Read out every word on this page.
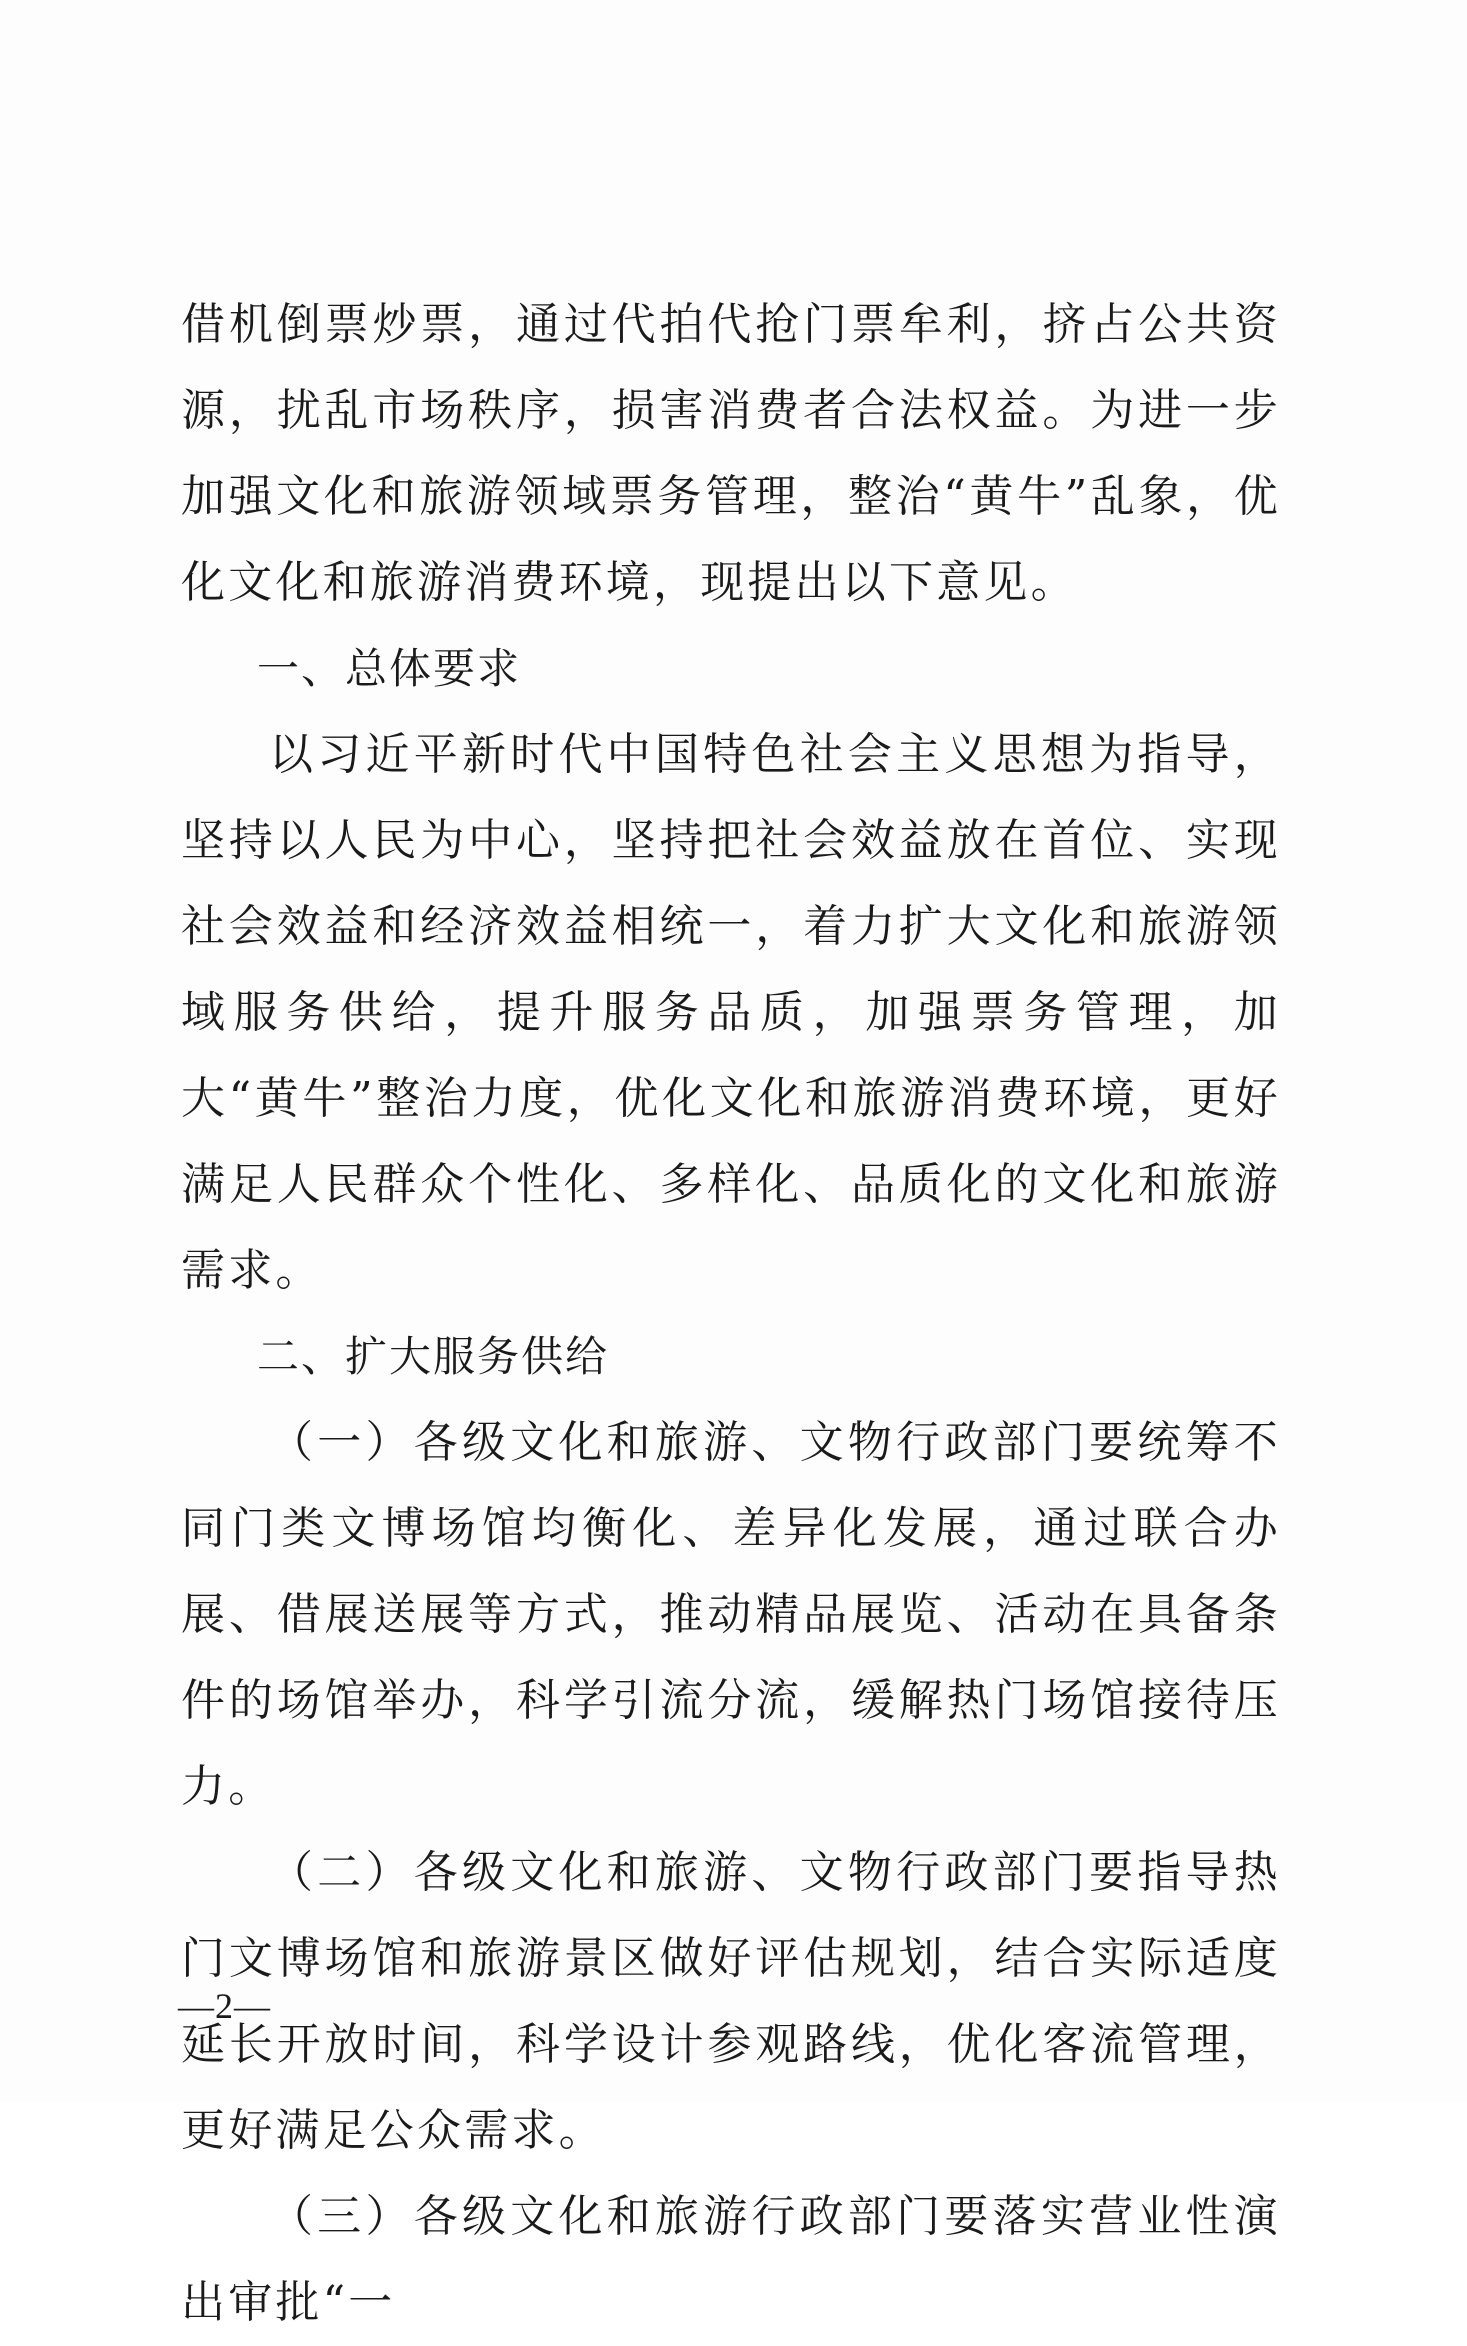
借机倒票炒票，通过代拍代抢门票牟利，挤占公共资源，扰乱市场秩序，损害消费者合法权益。为进一步加强文化和旅游领域票务管理，整治“黄牛”乱象，优化文化和旅游消费环境，现提出以下意见。

一、总体要求

以习近平新时代中国特色社会主义思想为指导，坚持以人民为中心，坚持把社会效益放在首位、实现社会效益和经济效益相统一，着力扩大文化和旅游领域服务供给，提升服务品质，加强票务管理，加大“黄牛”整治力度，优化文化和旅游消费环境，更好满足人民群众个性化、多样化、品质化的文化和旅游需求。

二、扩大服务供给

（一）各级文化和旅游、文物行政部门要统筹不同门类文博场馆均衡化、差异化发展，通过联合办展、借展送展等方式，推动精品展览、活动在具备条件的场馆举办，科学引流分流，缓解热门场馆接待压力。

（二）各级文化和旅游、文物行政部门要指导热门文博场馆和旅游景区做好评估规划，结合实际适度延长开放时间，科学设计参观路线，优化客流管理，更好满足公众需求。

（三）各级文化和旅游行政部门要落实营业性演出审批“一

—2—
